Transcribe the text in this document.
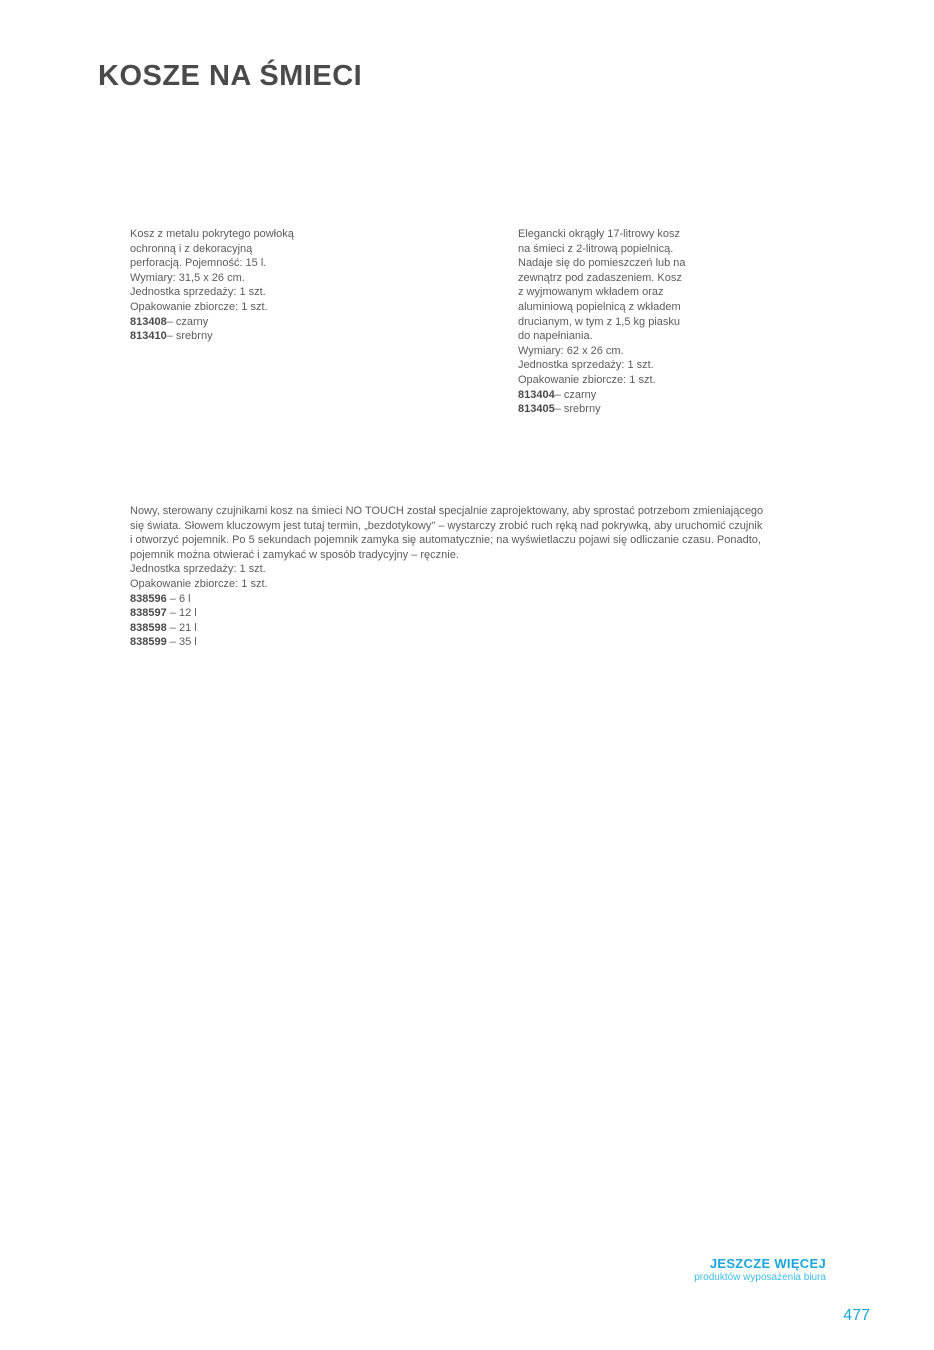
KOSZE NA ŚMIECI
Kosz z metalu pokrytego powłoką
ochronną i z dekoracyjną
perforacją. Pojemność: 15 l.
Wymiary: 31,5 x 26 cm.
Jednostka sprzedaży: 1 szt.
Opakowanie zbiorcze: 1 szt.
813408– czarny
813410– srebrny
Elegancki okrągły 17-litrowy kosz
na śmieci z 2-litrową popielnicą.
Nadaje się do pomieszczeń lub na
zewnątrz pod zadaszeniem. Kosz
z wyjmowanym wkładem oraz
aluminiową popielnicą z wkładem
drucianym, w tym z 1,5 kg piasku
do napełniania.
Wymiary: 62 x 26 cm.
Jednostka sprzedaży: 1 szt.
Opakowanie zbiorcze: 1 szt.
813404– czarny
813405– srebrny
Nowy, sterowany czujnikami kosz na śmieci NO TOUCH został specjalnie zaprojektowany, aby sprostać potrzebom zmieniającego
się świata. Słowem kluczowym jest tutaj termin, „bezdotykowy" – wystarczy zrobić ruch ręką nad pokrywką, aby uruchomić czujnik
i otworzyć pojemnik. Po 5 sekundach pojemnik zamyka się automatycznie; na wyświetlaczu pojawi się odliczanie czasu. Ponadto,
pojemnik można otwierać i zamykać w sposób tradycyjny – ręcznie.
Jednostka sprzedaży: 1 szt.
Opakowanie zbiorcze: 1 szt.
838596 – 6 l
838597 – 12 l
838598 – 21 l
838599 – 35 l
JESZCZE WIĘCEJ
produktów wyposażenia biura
477
